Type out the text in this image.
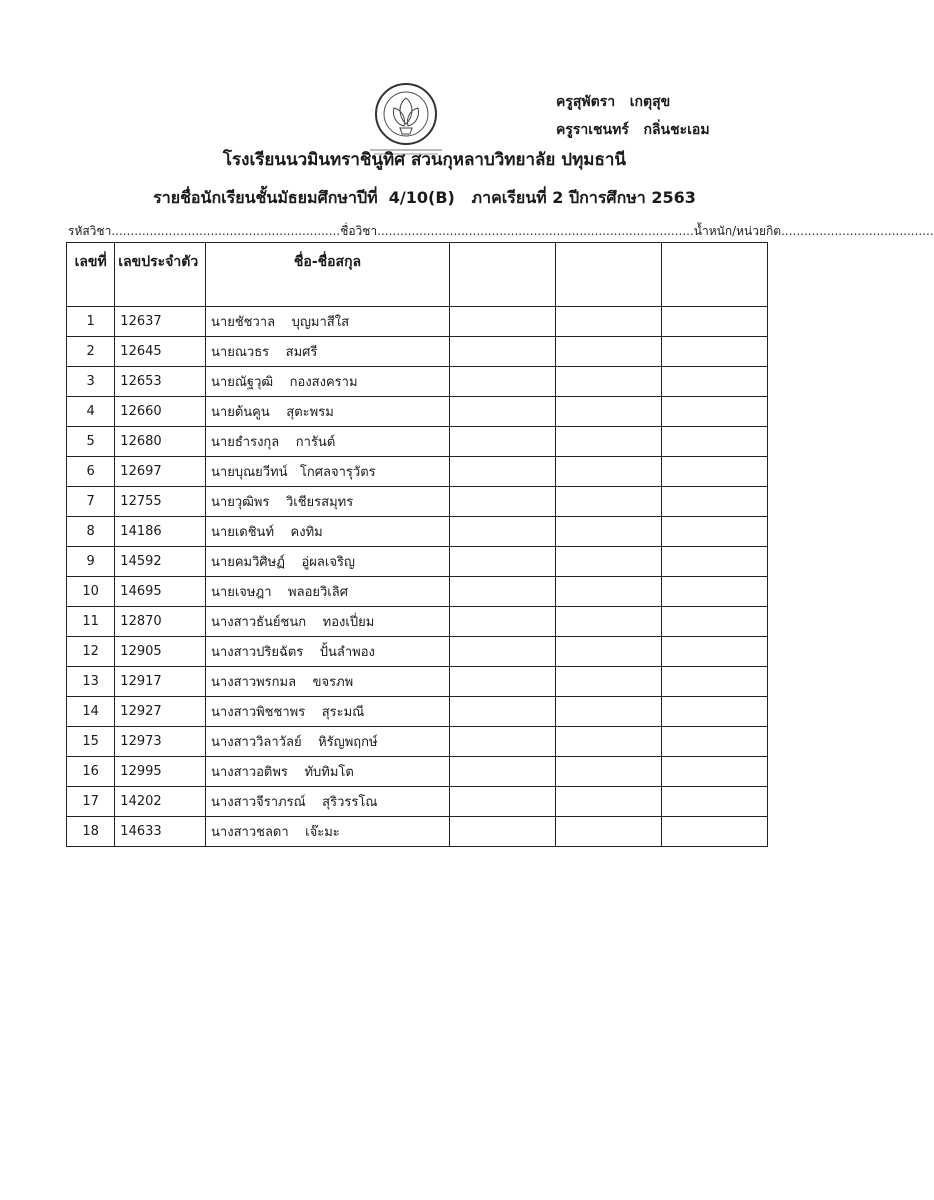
ครูสุพัตรา   เกตุสุข
ครูราเชนทร์   กลิ่นชะเอม
โรงเรียนนวมินทราชินูทิศ สวนกุหลาบวิทยาลัย ปทุมธานี
รายชื่อนักเรียนชั้นมัธยมศึกษาปีที่  4/10(B)   ภาคเรียนที่ 2 ปีการศึกษา 2563
รหัสวิชา............................................................ชื่อวิชา...................................................................................น้ำหนัก/หน่วยกิต........................................
เลขที่	เลขประจำตัว	ชื่อ-ชื่อสกุล			
1	12637	นายชัชวาล    บุญมาสีใส			
2	12645	นายณวธร    สมศรี			
3	12653	นายณัฐวุฒิ    กองสงคราม			
4	12660	นายต้นคูน    สุตะพรม			
5	12680	นายธำรงกุล    การันต์			
6	12697	นายบุณยวีทน์   โกศลจารุวัตร			
7	12755	นายวุฒิพร    วิเชียรสมุทร			
8	14186	นายเดชินท์    คงทิม			
9	14592	นายคมวิศิษฏ์    อู่ผลเจริญ			
10	14695	นายเจษฎา    พลอยวิเลิศ			
11	12870	นางสาวธันย์ชนก    ทองเปี่ยม			
12	12905	นางสาวปริยฉัตร    ปั้นลำพอง			
13	12917	นางสาวพรกมล    ขจรภพ			
14	12927	นางสาวพิชชาพร    สุระมณี			
15	12973	นางสาววิลาวัลย์    หิรัญพฤกษ์			
16	12995	นางสาวอติพร    ทับทิมโต			
17	14202	นางสาวจีราภรณ์    สุริวรรโณ			
18	14633	นางสาวชลดา    เจ๊ะมะ			
